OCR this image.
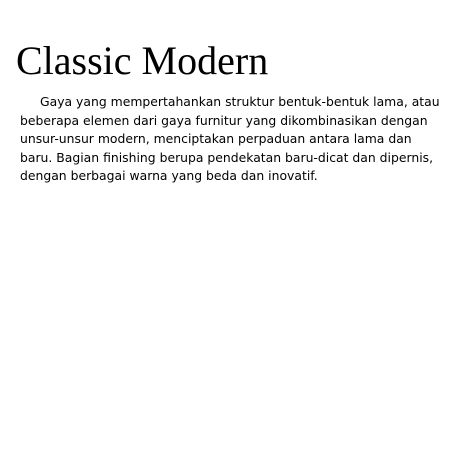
Classic Modern

Gaya yang mempertahankan struktur bentuk-bentuk lama, atau beberapa elemen dari gaya furnitur yang dikombinasikan dengan unsur-unsur modern, menciptakan perpaduan antara lama dan baru. Bagian finishing berupa pendekatan baru-dicat dan dipernis, dengan berbagai warna yang beda dan inovatif.
